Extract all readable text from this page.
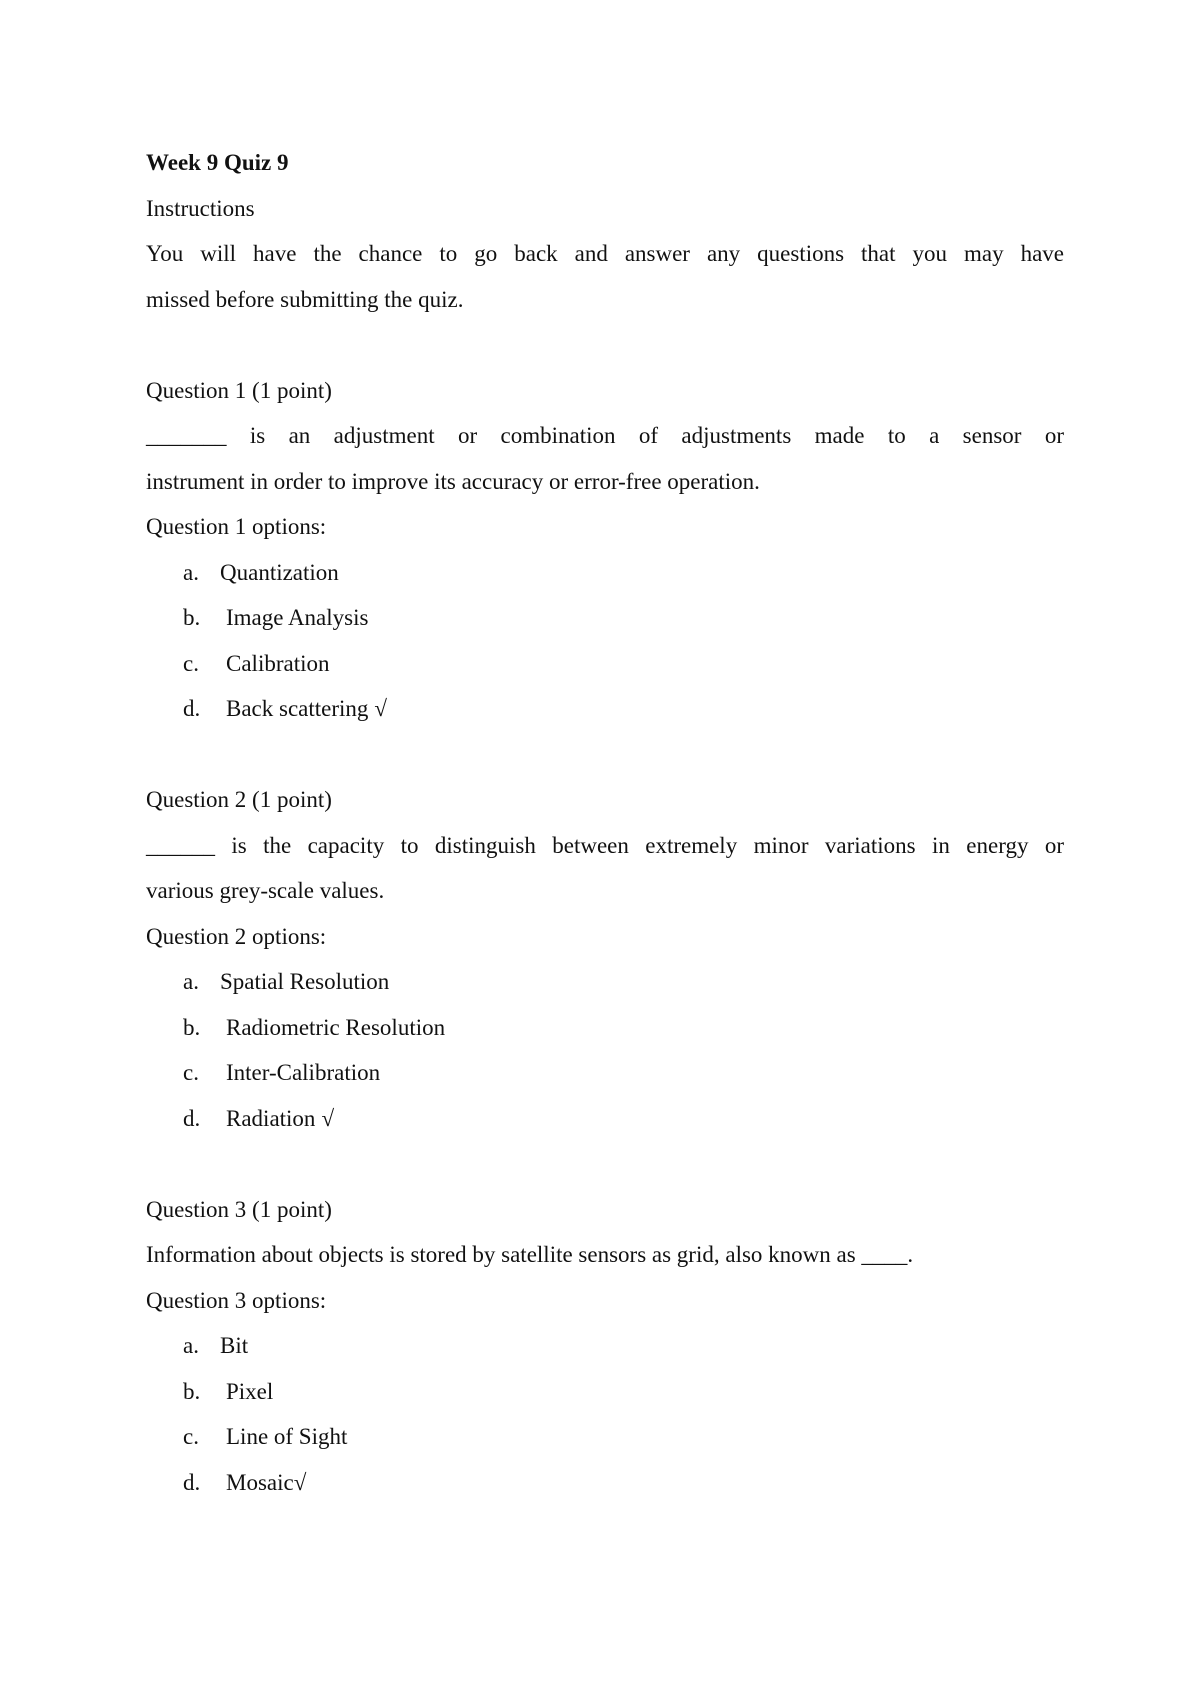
Week 9 Quiz 9
Instructions
You will have the chance to go back and answer any questions that you may have
missed before submitting the quiz.
Question 1 (1 point)
_______ is an adjustment or combination of adjustments made to a sensor or
instrument in order to improve its accuracy or error-free operation.
Question 1 options:
a. Quantization
b. Image Analysis
c. Calibration
d. Back scattering √
Question 2 (1 point)
______ is the capacity to distinguish between extremely minor variations in energy or
various grey-scale values.
Question 2 options:
a. Spatial Resolution
b. Radiometric Resolution
c. Inter-Calibration
d. Radiation √
Question 3 (1 point)
Information about objects is stored by satellite sensors as grid, also known as ____.
Question 3 options:
a. Bit
b. Pixel
c. Line of Sight
d. Mosaic√
